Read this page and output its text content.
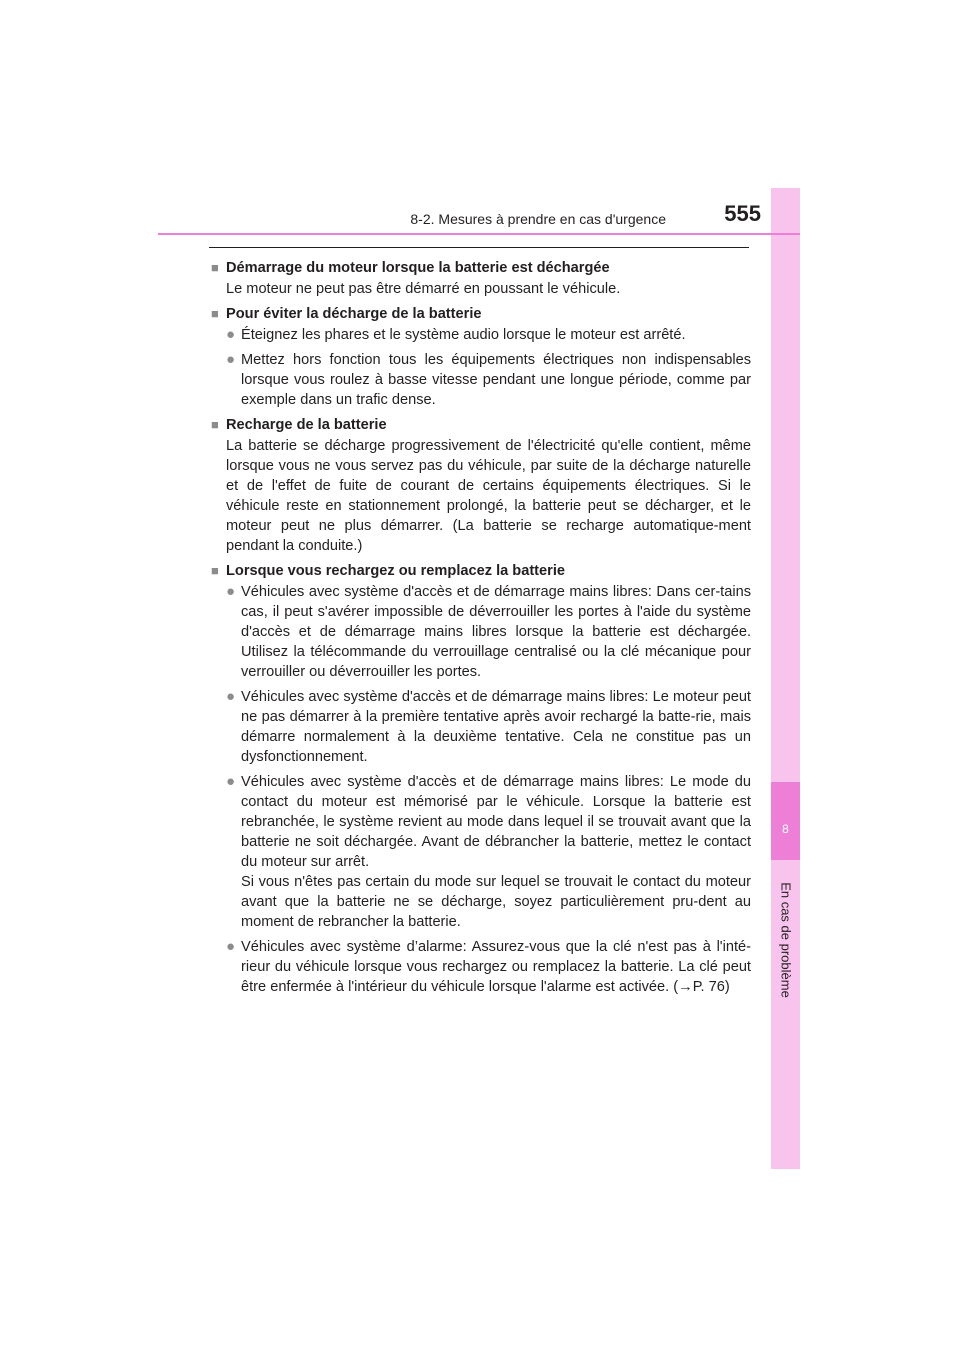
8
En cas de problème
8-2. Mesures à prendre en cas d'urgence	555
■ Démarrage du moteur lorsque la batterie est déchargée
Le moteur ne peut pas être démarré en poussant le véhicule.
■ Pour éviter la décharge de la batterie
● Éteignez les phares et le système audio lorsque le moteur est arrêté.
● Mettez hors fonction tous les équipements électriques non indispensables lorsque vous roulez à basse vitesse pendant une longue période, comme par exemple dans un trafic dense.
■ Recharge de la batterie
La batterie se décharge progressivement de l'électricité qu'elle contient, même lorsque vous ne vous servez pas du véhicule, par suite de la décharge naturelle et de l'effet de fuite de courant de certains équipements électriques. Si le véhicule reste en stationnement prolongé, la batterie peut se décharger, et le moteur peut ne plus démarrer. (La batterie se recharge automatique-ment pendant la conduite.)
■ Lorsque vous rechargez ou remplacez la batterie
● Véhicules avec système d'accès et de démarrage mains libres: Dans cer-tains cas, il peut s'avérer impossible de déverrouiller les portes à l'aide du système d'accès et de démarrage mains libres lorsque la batterie est déchargée. Utilisez la télécommande du verrouillage centralisé ou la clé mécanique pour verrouiller ou déverrouiller les portes.
● Véhicules avec système d'accès et de démarrage mains libres: Le moteur peut ne pas démarrer à la première tentative après avoir rechargé la batte-rie, mais démarre normalement à la deuxième tentative. Cela ne constitue pas un dysfonctionnement.
● Véhicules avec système d'accès et de démarrage mains libres: Le mode du contact du moteur est mémorisé par le véhicule. Lorsque la batterie est rebranchée, le système revient au mode dans lequel il se trouvait avant que la batterie ne soit déchargée. Avant de débrancher la batterie, mettez le contact du moteur sur arrêt.
Si vous n'êtes pas certain du mode sur lequel se trouvait le contact du moteur avant que la batterie ne se décharge, soyez particulièrement pru-dent au moment de rebrancher la batterie.
● Véhicules avec système d’alarme: Assurez-vous que la clé n'est pas à l'inté-rieur du véhicule lorsque vous rechargez ou remplacez la batterie. La clé peut être enfermée à l'intérieur du véhicule lorsque l'alarme est activée. (→P. 76)
